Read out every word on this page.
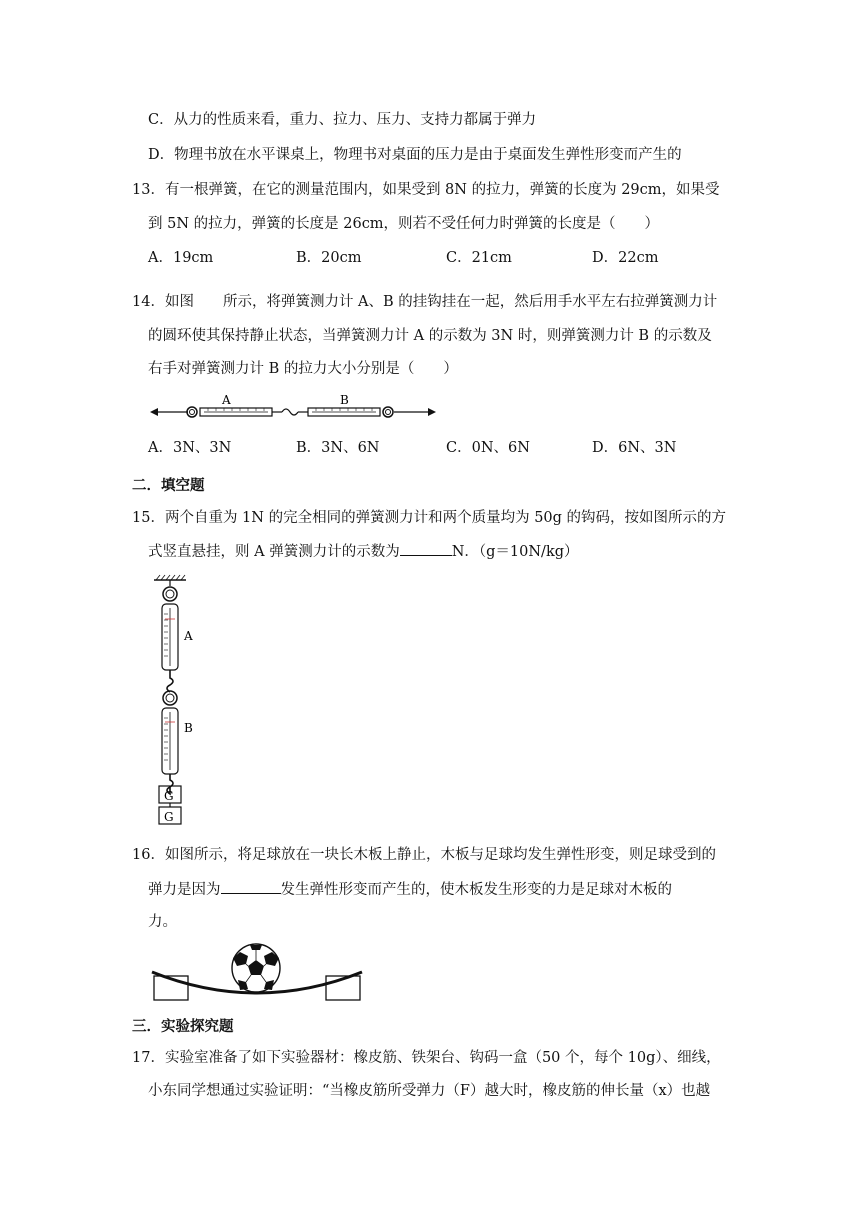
C．从力的性质来看，重力、拉力、压力、支持力都属于弹力
D．物理书放在水平课桌上，物理书对桌面的压力是由于桌面发生弹性形变而产生的
13．有一根弹簧，在它的测量范围内，如果受到 8N 的拉力，弹簧的长度为 29cm，如果受
到 5N 的拉力，弹簧的长度是 26cm，则若不受任何力时弹簧的长度是（　　）
A．19cm	B．20cm	C．21cm	D．22cm
14．如图　　所示，将弹簧测力计 A、B 的挂钩挂在一起，然后用手水平左右拉弹簧测力计
的圆环使其保持静止状态，当弹簧测力计 A 的示数为 3N 时，则弹簧测力计 B 的示数及
右手对弹簧测力计 B 的拉力大小分别是（　　）
A	B
A．3N、3N	B．3N、6N	C．0N、6N	D．6N、3N
二．填空题
15．两个自重为 1N 的完全相同的弹簧测力计和两个质量均为 50g 的钩码，按如图所示的方
式竖直悬挂，则 A 弹簧测力计的示数为	N．（g＝10N/kg）
A
B
G
G
16．如图所示，将足球放在一块长木板上静止，木板与足球均发生弹性形变，则足球受到的
弹力是因为	发生弹性形变而产生的，使木板发生形变的力是足球对木板的
力。
三．实验探究题
17．实验室准备了如下实验器材：橡皮筋、铁架台、钩码一盒（50 个，每个 10g）、细线，
小东同学想通过实验证明：“当橡皮筋所受弹力（F）越大时，橡皮筋的伸长量（x）也越
